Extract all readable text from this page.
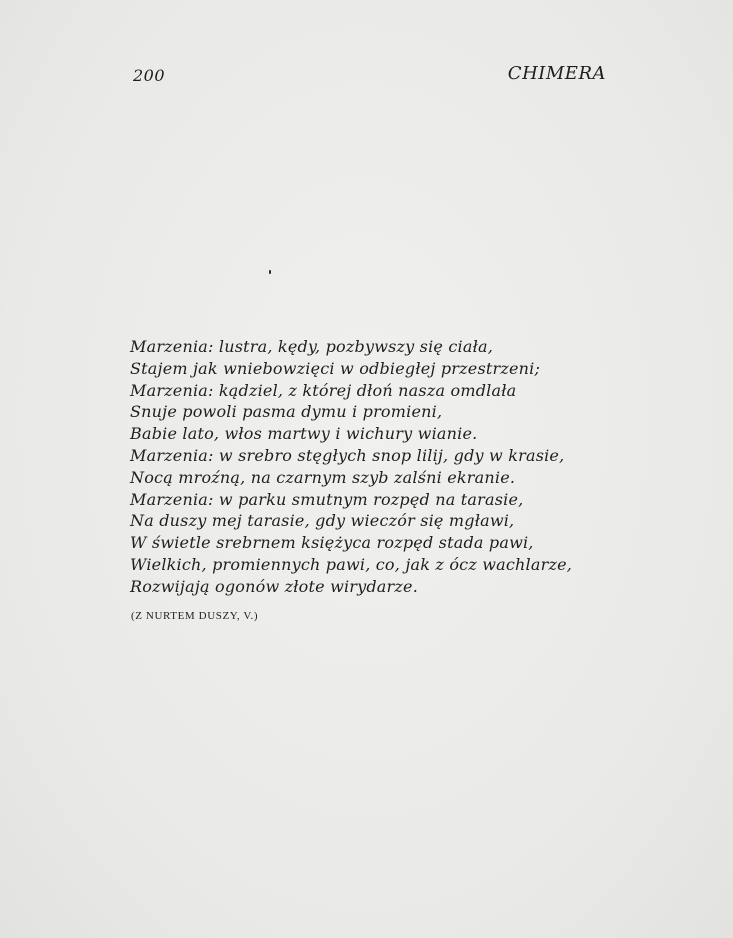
200	CHIMERA
Marzenia: lustra, kędy, pozbywszy się ciała,
Stajem jak wniebowzięci w odbiegłej przestrzeni;
Marzenia: kądziel, z której dłoń nasza omdlała
Snuje powoli pasma dymu i promieni,
Babie lato, włos martwy i wichury wianie.
Marzenia: w srebro stęgłych snop lilij, gdy w krasie,
Nocą mroźną, na czarnym szyb zalśni ekranie.
Marzenia: w parku smutnym rozpęd na tarasie,
Na duszy mej tarasie, gdy wieczór się mgławi,
W świetle srebrnem księżyca rozpęd stada pawi,
Wielkich, promiennych pawi, co, jak z ócz wachlarze,
Rozwijają ogonów złote wirydarze.
(Z NURTEM DUSZY, V.)
